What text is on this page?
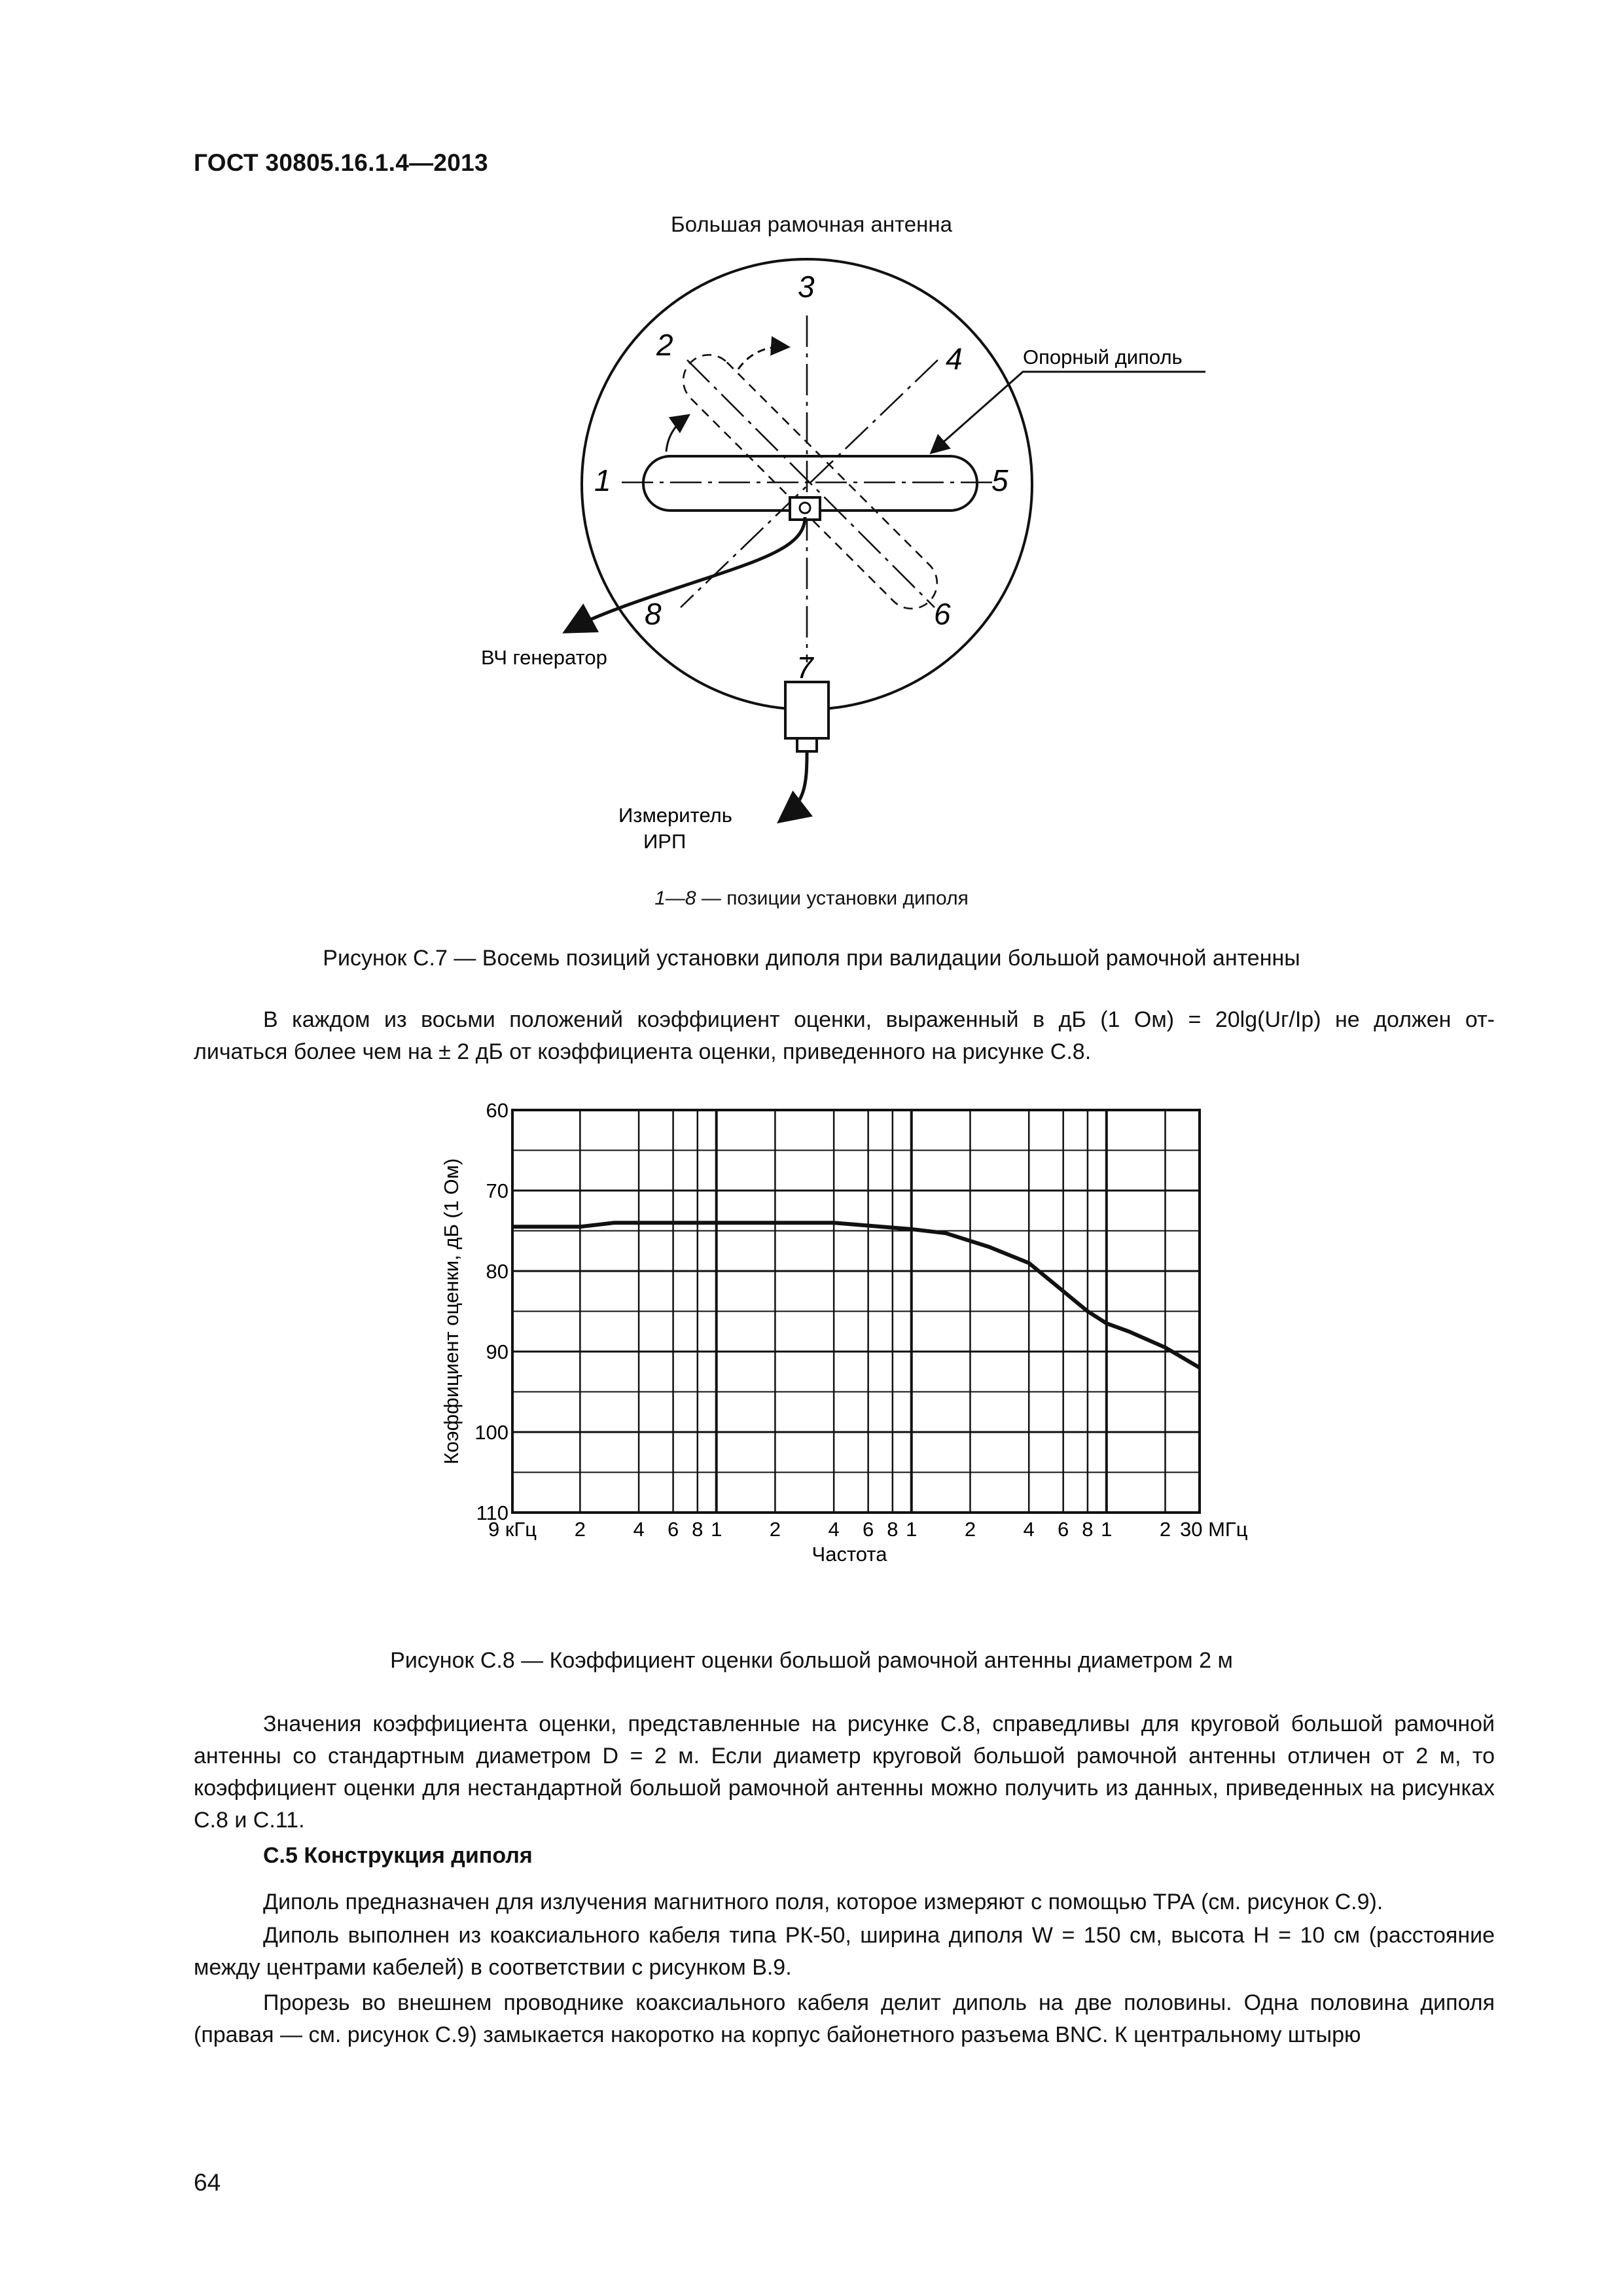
ГОСТ 30805.16.1.4—2013
Большая рамочная антенна
1
2
3
4
5
6
7
8
Опорный диполь
ВЧ генератор
Измеритель
ИРП
1—8 — позиции установки диполя
Рисунок С.7 — Восемь позиций установки диполя при валидации большой рамочной антенны
В каждом из восьми положений коэффициент оценки, выраженный в дБ (1 Ом) = 20lg(Uг/Iр) не должен от-
личаться более чем на ± 2 дБ от коэффициента оценки, приведенного на рисунке С.8.
60
70
80
90
100
110
9 кГц 2 4 6 8 1 2 4 6 8 1 2 4 6 8 1 2 30 МГц
Частота
Коэффициент оценки, дБ (1 Ом)
Рисунок С.8 — Коэффициент оценки большой рамочной антенны диаметром 2 м
Значения коэффициента оценки, представленные на рисунке С.8, справедливы для круговой большой рамочной антенны со стандартным диаметром D = 2 м. Если диаметр круговой большой рамочной антенны отличен от 2 м, то коэффициент оценки для нестандартной большой рамочной антенны можно получить из данных, приведенных на рисунках С.8 и С.11.
С.5 Конструкция диполя
Диполь предназначен для излучения магнитного поля, которое измеряют с помощью ТРА (см. рисунок С.9).
Диполь выполнен из коаксиального кабеля типа РК-50, ширина диполя W = 150 см, высота H = 10 см (расстояние между центрами кабелей) в соответствии с рисунком В.9.
Прорезь во внешнем проводнике коаксиального кабеля делит диполь на две половины. Одна половина диполя (правая — см. рисунок С.9) замыкается накоротко на корпус байонетного разъема BNC. К центральному штырю
64
